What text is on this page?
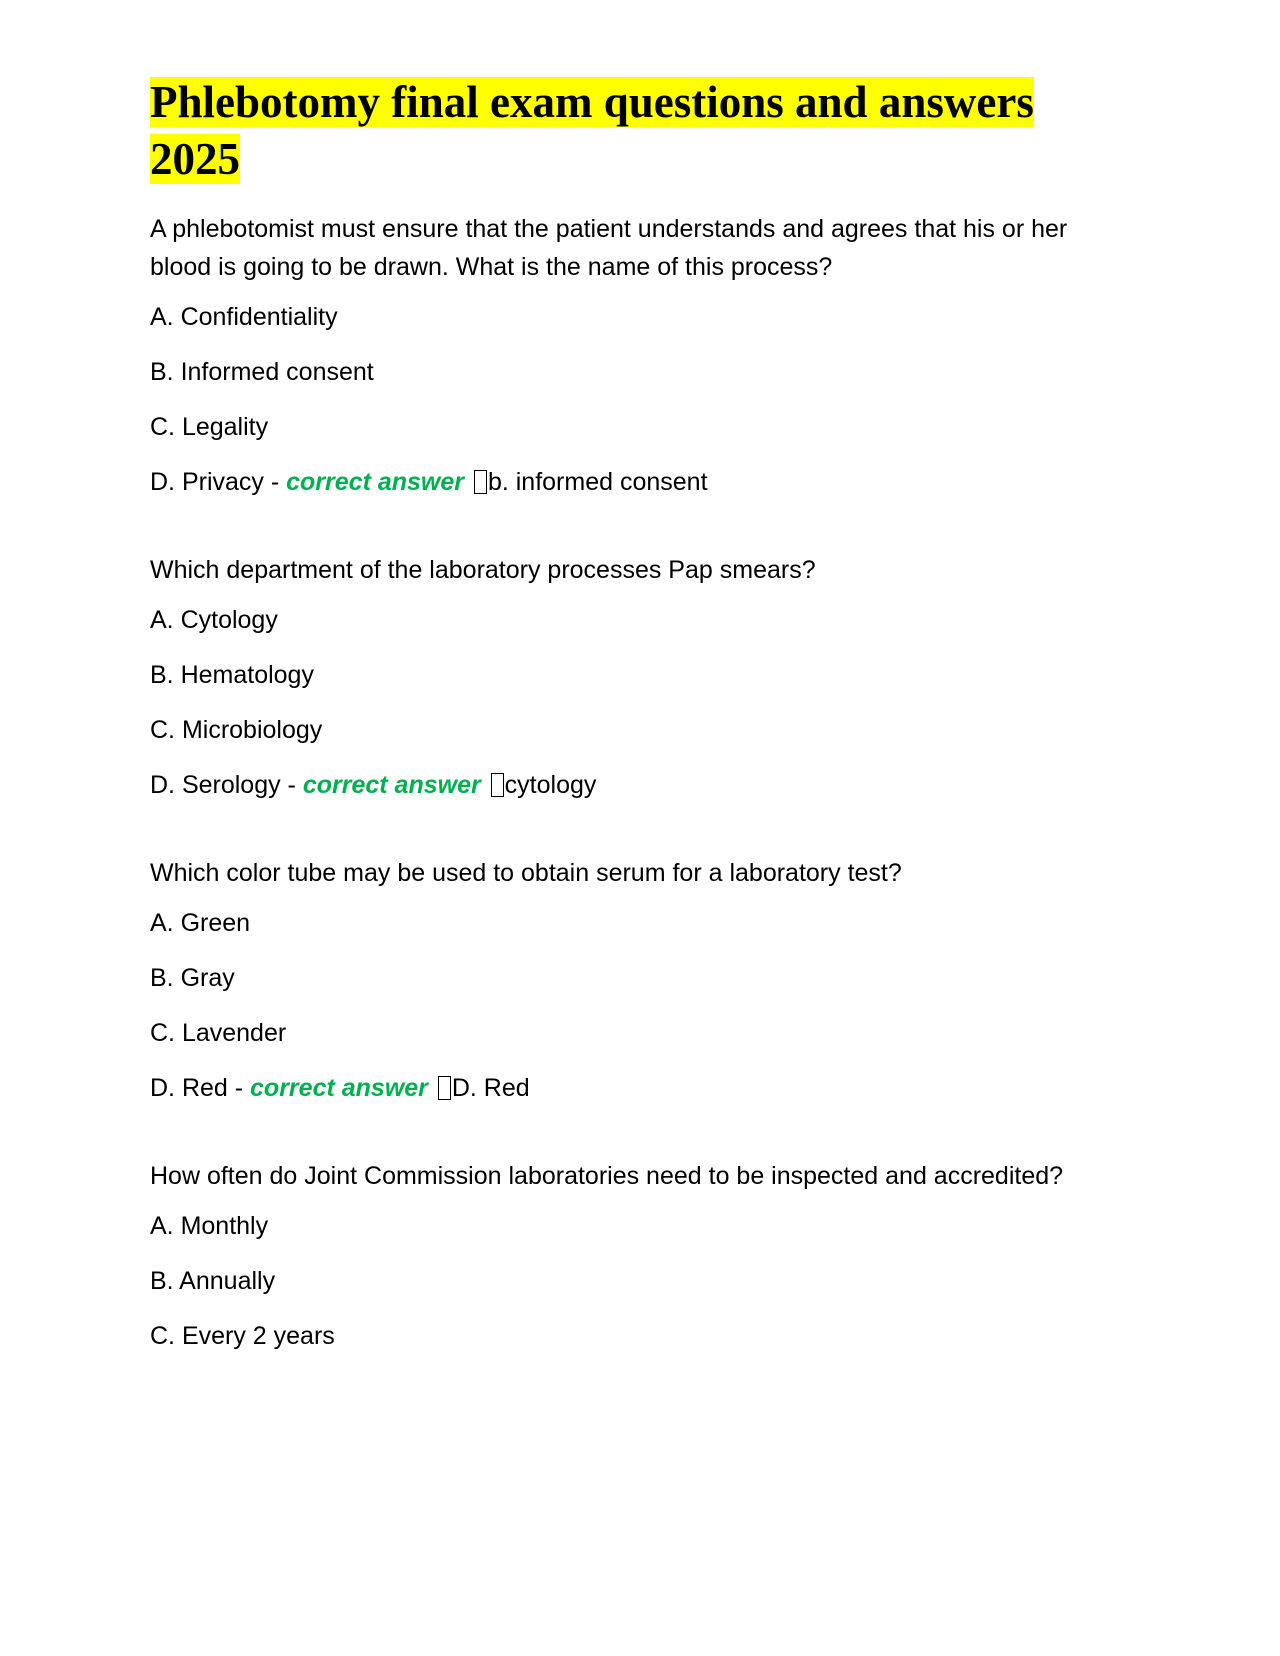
Phlebotomy final exam questions and answers 2025

A phlebotomist must ensure that the patient understands and agrees that his or her blood is going to be drawn. What is the name of this process?

A. Confidentiality

B. Informed consent

C. Legality

D. Privacy - correct answer b. informed consent

Which department of the laboratory processes Pap smears?

A. Cytology

B. Hematology

C. Microbiology

D. Serology - correct answer cytology

Which color tube may be used to obtain serum for a laboratory test?

A. Green

B. Gray

C. Lavender

D. Red - correct answer D. Red

How often do Joint Commission laboratories need to be inspected and accredited?

A. Monthly

B. Annually

C. Every 2 years
